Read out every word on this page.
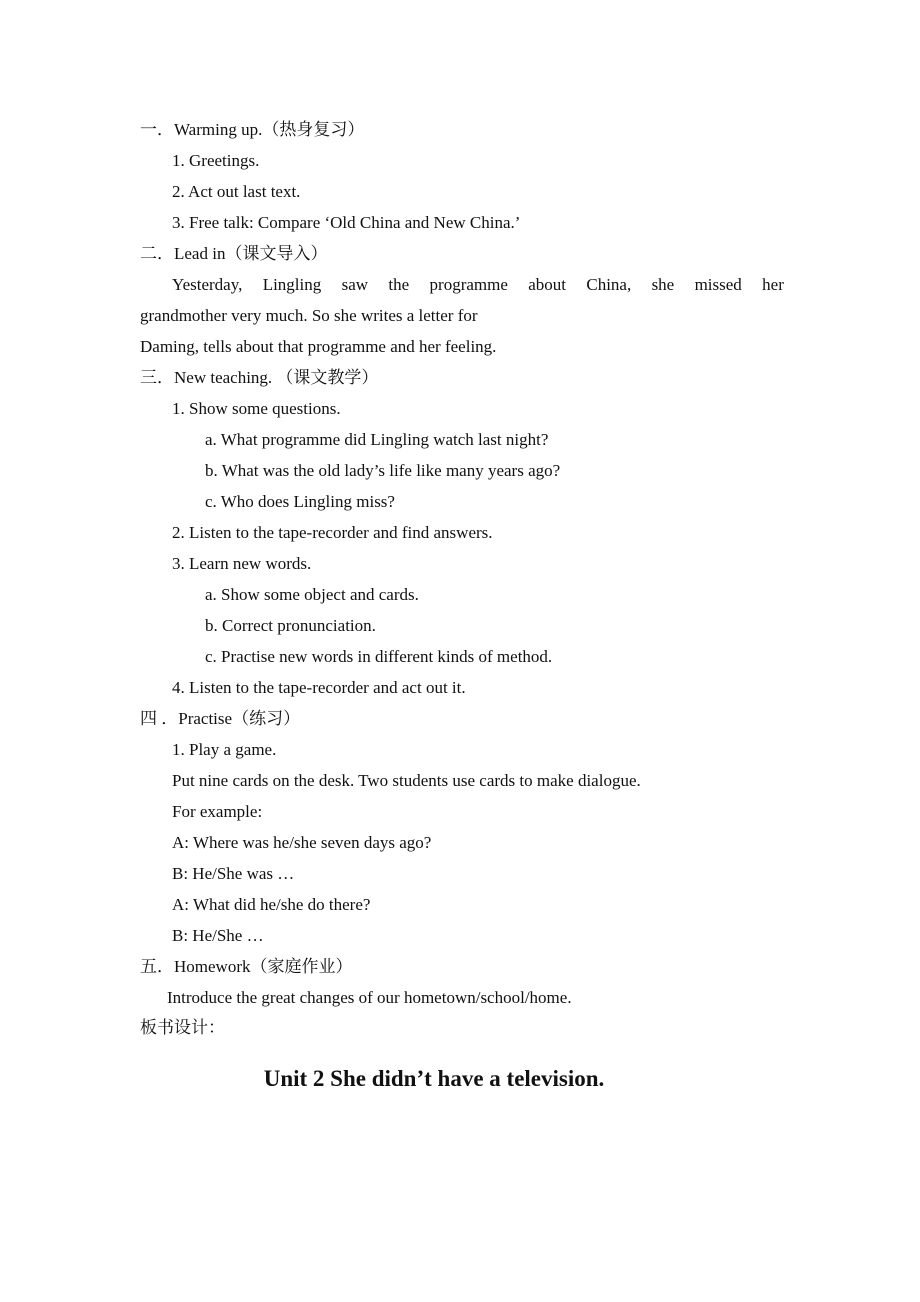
一．Warming up.（热身复习）
1. Greetings.
2. Act out last text.
3. Free talk: Compare ‘Old China and New China.’
二．Lead in（课文导入）
Yesterday, Lingling saw the programme about China, she missed her
grandmother very much. So she writes a letter for
Daming, tells about that programme and her feeling.
三．New teaching. （课文教学）
1. Show some questions.
a. What programme did Lingling watch last night?
b. What was the old lady’s life like many years ago?
c. Who does Lingling miss?
2. Listen to the tape-recorder and find answers.
3. Learn new words.
a. Show some object and cards.
b. Correct pronunciation.
c. Practise new words in different kinds of method.
4. Listen to the tape-recorder and act out it.
四 ．Practise（练习）
1. Play a game.
Put nine cards on the desk. Two students use cards to make dialogue.
For example:
A: Where was he/she seven days ago?
B: He/She was …
A: What did he/she do there?
B: He/She …
五．Homework（家庭作业）
Introduce the great changes of our hometown/school/home.
板书设计：
Unit 2 She didn’t have a television.
